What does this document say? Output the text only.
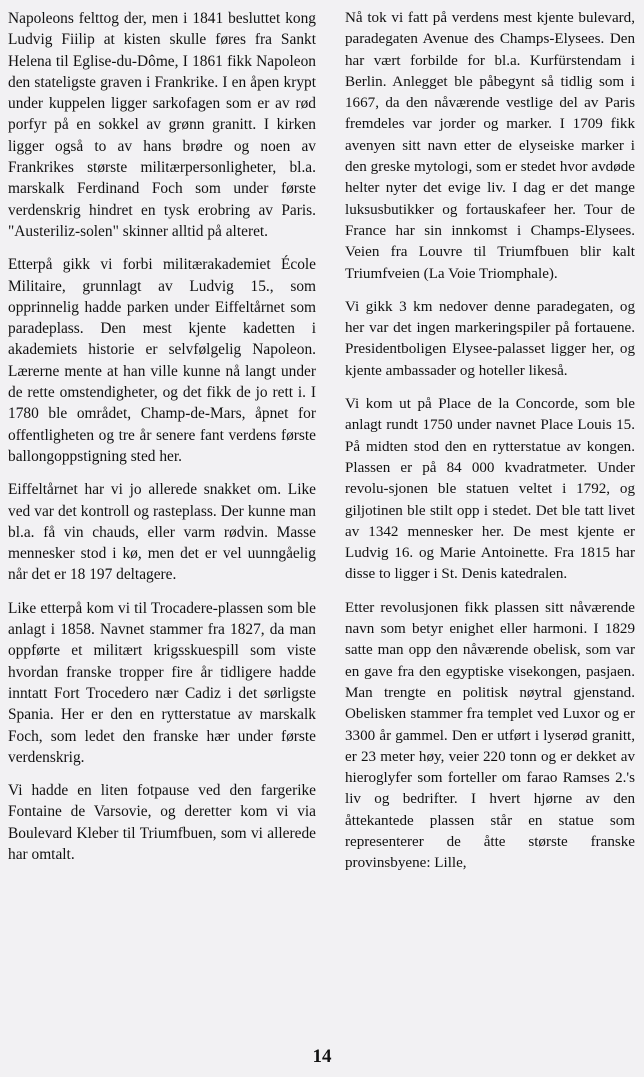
Napoleons felttog der, men i 1841 besluttet kong Ludvig Fiilip at kisten skulle føres fra Sankt Helena til Eglise-du-Dôme, I 1861 fikk Napoleon den stateligste graven i Frankrike. I en åpen krypt under kuppelen ligger sarkofagen som er av rød porfyr på en sokkel av grønn granitt. I kirken ligger også to av hans brødre og noen av Frankrikes største militærpersonligheter, bl.a. marskalk Ferdinand Foch som under første verdenskrig hindret en tysk erobring av Paris. "Austeriliz-solen" skinner alltid på alteret.

Etterpå gikk vi forbi militærakademiet École Militaire, grunnlagt av Ludvig 15., som opprinnelig hadde parken under Eiffeltårnet som paradeplass. Den mest kjente kadetten i akademiets historie er selvfølgelig Napoleon. Lærerne mente at han ville kunne nå langt under de rette omstendigheter, og det fikk de jo rett i. I 1780 ble området, Champ-de-Mars, åpnet for offentligheten og tre år senere fant verdens første ballongoppstigning sted her.

Eiffeltårnet har vi jo allerede snakket om. Like ved var det kontroll og rasteplass. Der kunne man bl.a. få vin chauds, eller varm rødvin. Masse mennesker stod i kø, men det er vel uunngåelig når det er 18 197 deltagere.

Like etterpå kom vi til Trocadere-plassen som ble anlagt i 1858. Navnet stammer fra 1827, da man oppførte et militært krigsskuespill som viste hvordan franske tropper fire år tidligere hadde inntatt Fort Trocedero nær Cadiz i det sørligste Spania. Her er den en rytterstatue av marskalk Foch, som ledet den franske hær under første verdenskrig.

Vi hadde en liten fotpause ved den fargerike Fontaine de Varsovie, og deretter kom vi via Boulevard Kleber til Triumfbuen, som vi allerede har omtalt.

Nå tok vi fatt på verdens mest kjente bulevard, paradegaten Avenue des Champs-Elysees. Den har vært forbilde for bl.a. Kurfürstendam i Berlin. Anlegget ble påbegynt så tidlig som i 1667, da den nåværende vestlige del av Paris fremdeles var jorder og marker. I 1709 fikk avenyen sitt navn etter de elyseiske marker i den greske mytologi, som er stedet hvor avdøde helter nyter det evige liv. I dag er det mange luksusbutikker og fortauskafeer her. Tour de France har sin innkomst i Champs-Elysees. Veien fra Louvre til Triumfbuen blir kalt Triumfveien (La Voie Triomphale).

Vi gikk 3 km nedover denne paradegaten, og her var det ingen markeringspiler på fortauene. Presidentboligen Elysee-palasset ligger her, og kjente ambassader og hoteller likeså.

Vi kom ut på Place de la Concorde, som ble anlagt rundt 1750 under navnet Place Louis 15. På midten stod den en rytterstatue av kongen. Plassen er på 84 000 kvadratmeter. Under revolu-sjonen ble statuen veltet i 1792, og giljotinen ble stilt opp i stedet. Det ble tatt livet av 1342 mennesker her. De mest kjente er Ludvig 16. og Marie Antoinette. Fra 1815 har disse to ligger i St. Denis katedralen.

Etter revolusjonen fikk plassen sitt nåværende navn som betyr enighet eller harmoni. I 1829 satte man opp den nåværende obelisk, som var en gave fra den egyptiske visekongen, pasjaen. Man trengte en politisk nøytral gjenstand. Obelisken stammer fra templet ved Luxor og er 3300 år gammel. Den er utført i lyserød granitt, er 23 meter høy, veier 220 tonn og er dekket av hieroglyfer som forteller om farao Ramses 2.'s liv og bedrifter. I hvert hjørne av den åttekantede plassen står en statue som representerer de åtte største franske provinsbyene: Lille,

14
